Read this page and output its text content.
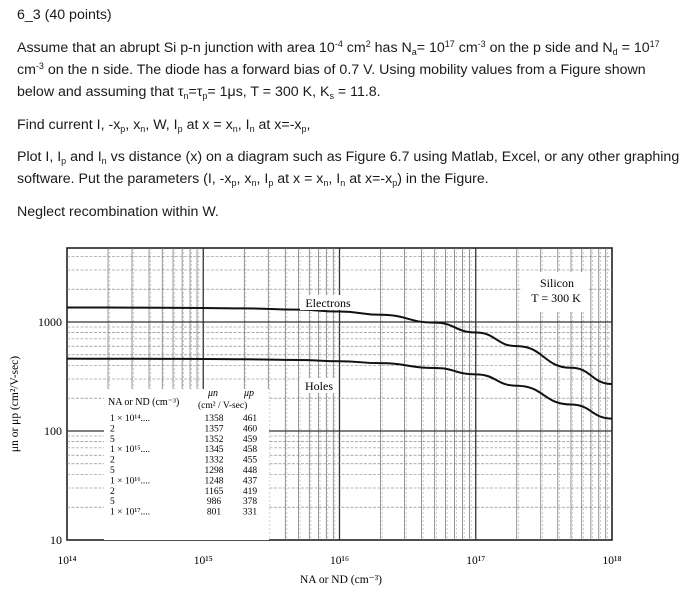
6_3 (40 points)
Assume that an abrupt Si p-n junction with area $10^{-4}$ $cm^2$ has $N_a= 10^{17}$ $cm^{-3}$ on the p side and $N_d = 10^{17}$
$cm^{-3}$ on the n side. The diode has a forward bias of 0.7 V. Using mobility values from a Figure shown
below and assuming that $\tau_n=\tau_p= 1\mu s$, T = 300 K, $K_s = 11.8$.
Find current I, $-x_p$, $x_n$, W, $I_p$ at $x = x_n$, $I_n$ at $x=-x_p$,
Plot I, $I_p$ and $I_n$ vs distance (x) on a diagram such as Figure 6.7 using Matlab, Excel, or any other graphing
software. Put the parameters (I, $-x_p$, $x_n$, $I_p$ at $x = x_n$, $I_n$ at $x=-x_p$) in the Figure.
Neglect recombination within W.
1000
100
10
10¹⁴	10¹⁵	10¹⁶	10¹⁷	10¹⁸
NA or ND (cm⁻³)
μn	μp
(cm² / V-sec)
1 × 10¹⁴....	1358 461
2	1357 460
5	1352 459
1 × 10¹⁵....	1345 458
2	1332 455
5	1298 448
1 × 10¹⁶....	1248 437
2	1165 419
5	986 378
1 × 10¹⁷....	801 331
Silicon
T = 300 K
Electrons
Holes
μn or μp (cm²/V-sec)
NA or ND (cm⁻³)
